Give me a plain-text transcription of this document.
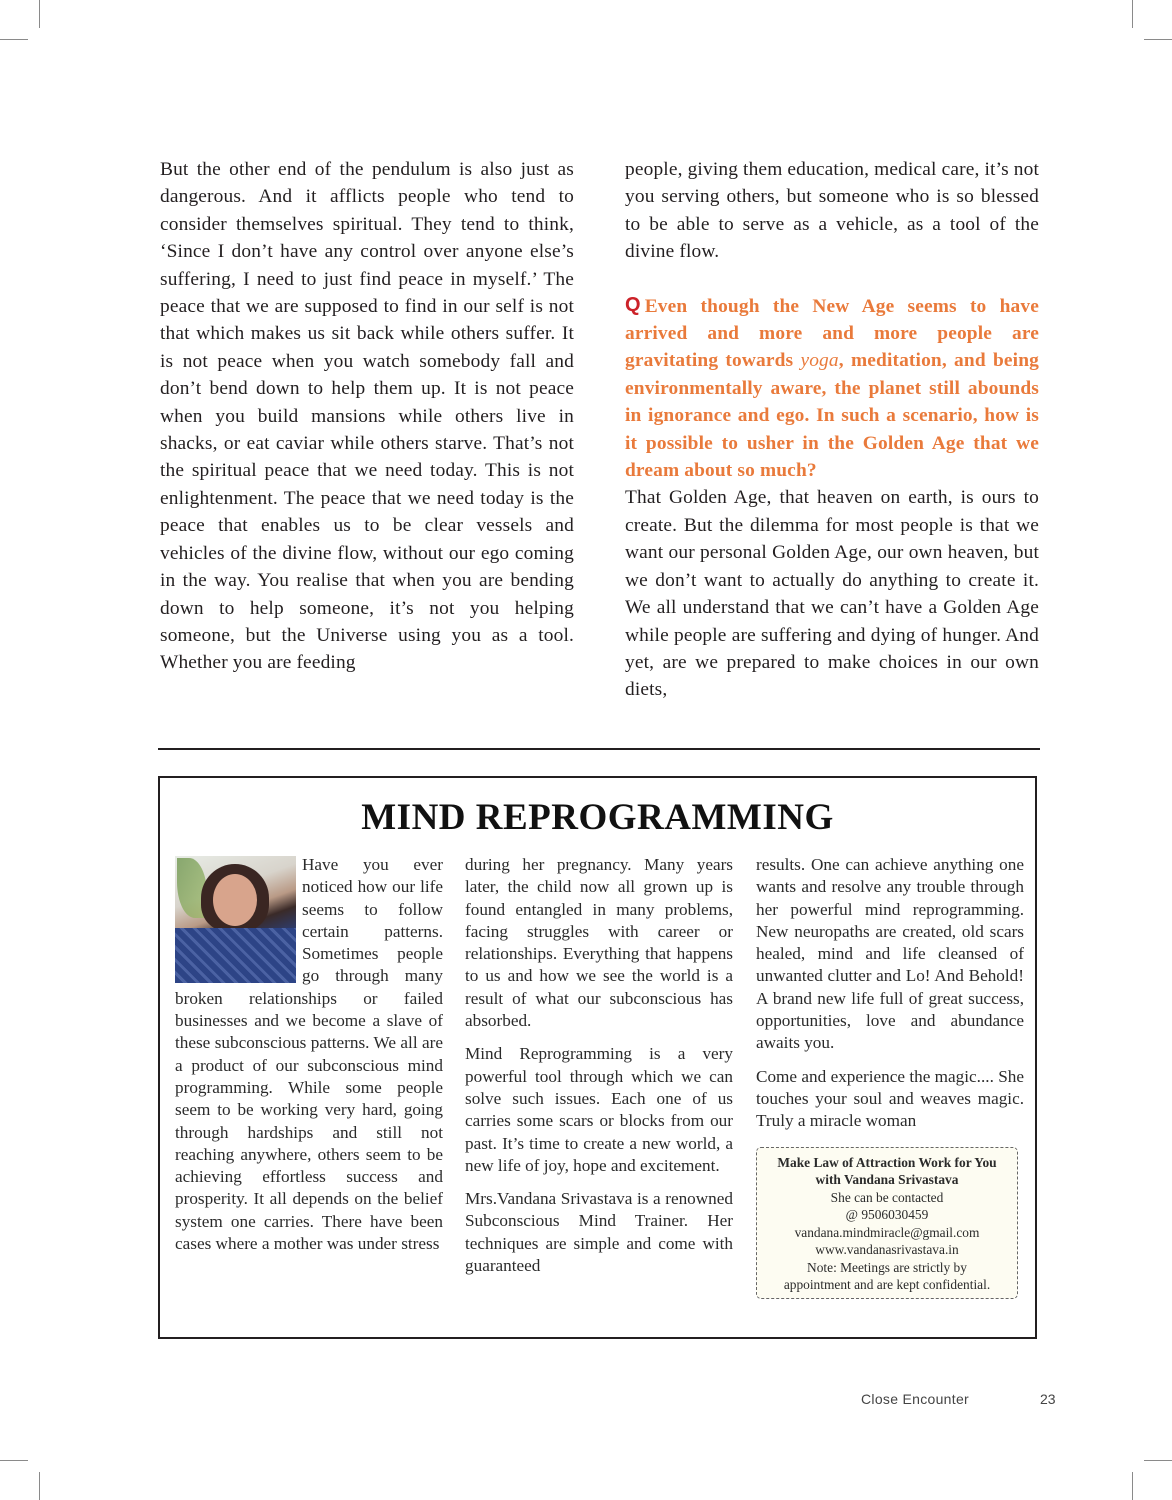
But the other end of the pendulum is also just as dangerous. And it afflicts people who tend to consider themselves spiritual. They tend to think, ‘Since I don’t have any control over anyone else’s suffering, I need to just find peace in myself.’ The peace that we are supposed to find in our self is not that which makes us sit back while others suffer. It is not peace when you watch somebody fall and don’t bend down to help them up. It is not peace when you build mansions while others live in shacks, or eat caviar while others starve. That’s not the spiritual peace that we need today. This is not enlightenment. The peace that we need today is the peace that enables us to be clear vessels and vehicles of the divine flow, without our ego coming in the way. You realise that when you are bending down to help someone, it’s not you helping someone, but the Universe using you as a tool. Whether you are feeding

people, giving them education, medical care, it’s not you serving others, but someone who is so blessed to be able to serve as a vehicle, as a tool of the divine flow.

Q Even though the New Age seems to have arrived and more and more people are gravitating towards yoga, meditation, and being environmentally aware, the planet still abounds in ignorance and ego. In such a scenario, how is it possible to usher in the Golden Age that we dream about so much?

That Golden Age, that heaven on earth, is ours to create. But the dilemma for most people is that we want our personal Golden Age, our own heaven, but we don’t want to actually do anything to create it. We all understand that we can’t have a Golden Age while people are suffering and dying of hunger. And yet, are we prepared to make choices in our own diets,

MIND REPROGRAMMING

Have you ever noticed how our life seems to follow certain patterns. Sometimes people go through many broken relationships or failed businesses and we become a slave of these subconscious patterns. We all are a product of our subconscious mind programming. While some people seem to be working very hard, going through hardships and still not reaching anywhere, others seem to be achieving effortless success and prosperity. It all depends on the belief system one carries. There have been cases where a mother was under stress

during her pregnancy. Many years later, the child now all grown up is found entangled in many problems, facing struggles with career or relationships. Everything that happens to us and how we see the world is a result of what our subconscious has absorbed.

Mind Reprogramming is a very powerful tool through which we can solve such issues. Each one of us carries some scars or blocks from our past. It’s time to create a new world, a new life of joy, hope and excitement.

Mrs.Vandana Srivastava is a renowned Subconscious Mind Trainer. Her techniques are simple and come with guaranteed

results. One can achieve anything one wants and resolve any trouble through her powerful mind reprogramming. New neuropaths are created, old scars healed, mind and life cleansed of unwanted clutter and Lo! And Behold! A brand new life full of great success, opportunities, love and abundance awaits you.

Come and experience the magic.... She touches your soul and weaves magic. Truly a miracle woman

Make Law of Attraction Work for You
with Vandana Srivastava
She can be contacted
@ 9506030459
vandana.mindmiracle@gmail.com
www.vandanasrivastava.in
Note: Meetings are strictly by
appointment and are kept confidential.
Close Encounter	23
